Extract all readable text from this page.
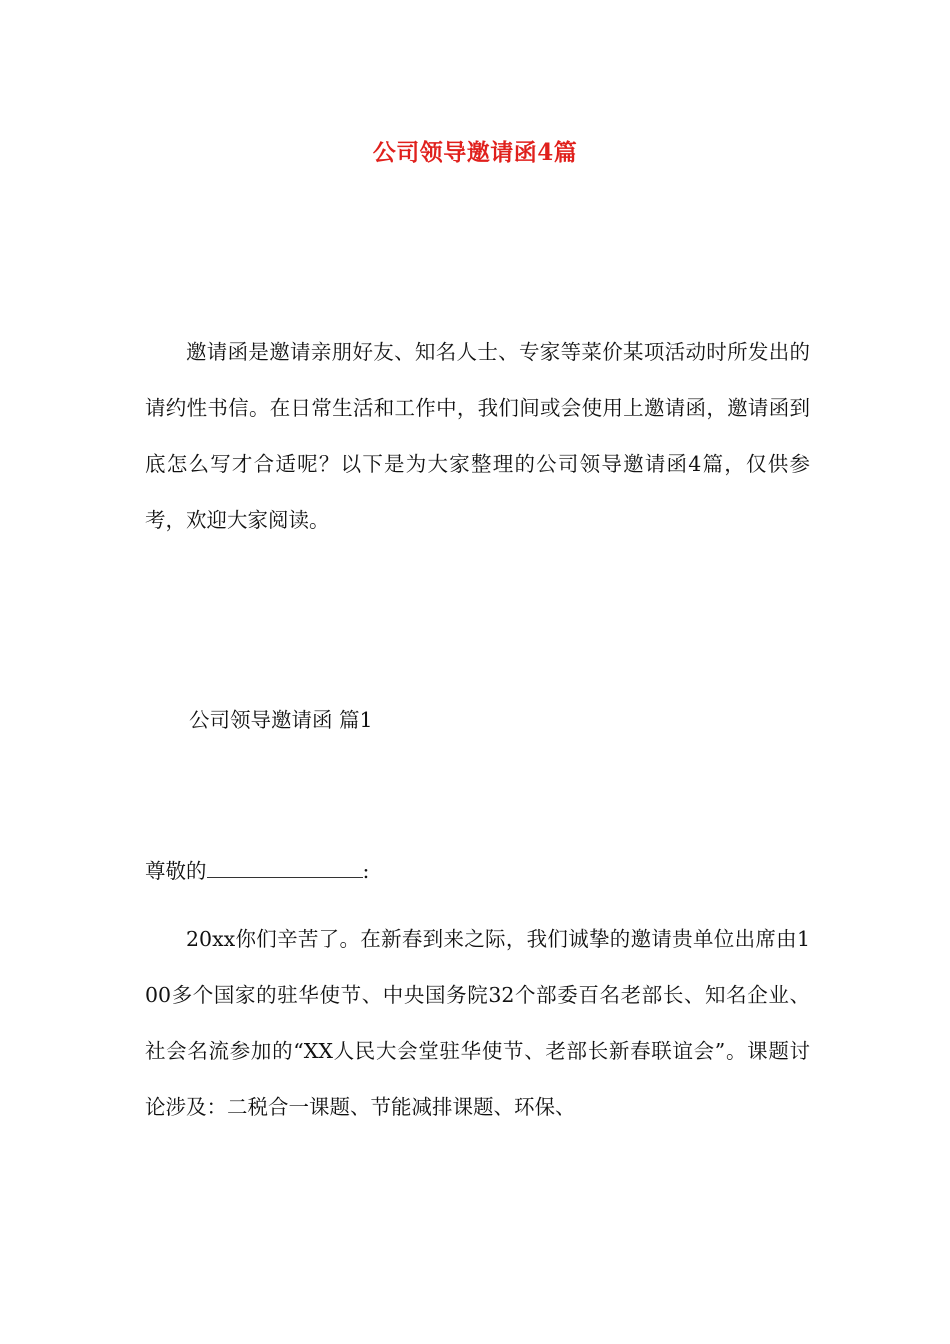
公司领导邀请函4篇

邀请函是邀请亲朋好友、知名人士、专家等菜价某项活动时所发出的请约性书信。在日常生活和工作中，我们间或会使用上邀请函，邀请函到底怎么写才合适呢？以下是为大家整理的公司领导邀请函4篇，仅供参考，欢迎大家阅读。

公司领导邀请函 篇1

尊敬的	:

20xx你们辛苦了。在新春到来之际，我们诚挚的邀请贵单位出席由100多个国家的驻华使节、中央国务院32个部委百名老部长、知名企业、社会名流参加的“XX人民大会堂驻华使节、老部长新春联谊会”。课题讨论涉及：二税合一课题、节能减排课题、环保、
